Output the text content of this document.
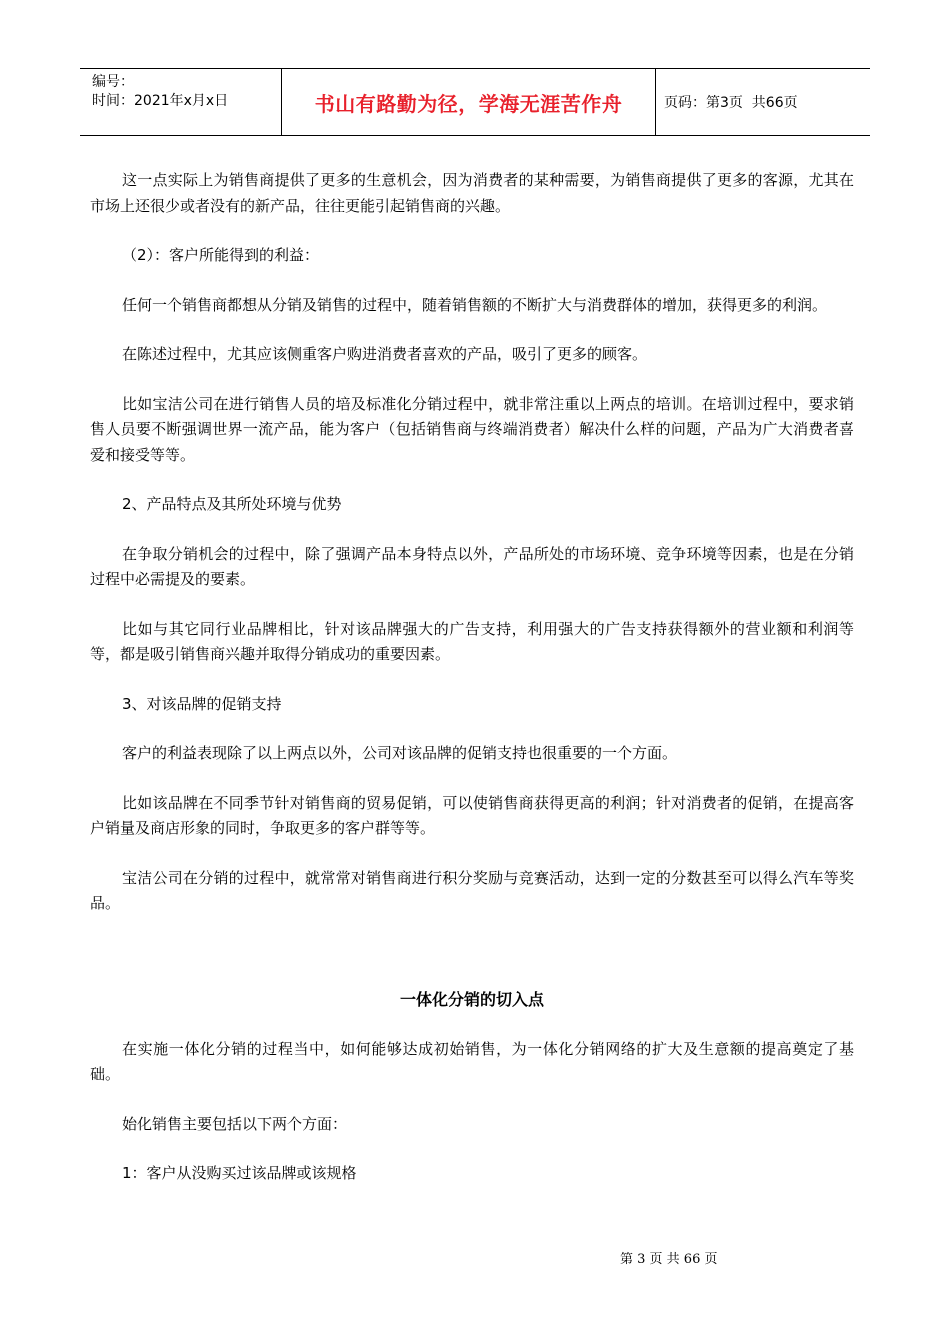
编号：
时间：2021年x月x日	书山有路勤为径，学海无涯苦作舟	页码：第3页  共66页

这一点实际上为销售商提供了更多的生意机会，因为消费者的某种需要，为销售商提供了更多的客源，尤其在市场上还很少或者没有的新产品，往往更能引起销售商的兴趣。

（2）：客户所能得到的利益：

任何一个销售商都想从分销及销售的过程中，随着销售额的不断扩大与消费群体的增加，获得更多的利润。

在陈述过程中，尤其应该侧重客户购进消费者喜欢的产品，吸引了更多的顾客。

比如宝洁公司在进行销售人员的培及标准化分销过程中，就非常注重以上两点的培训。在培训过程中，要求销售人员要不断强调世界一流产品，能为客户（包括销售商与终端消费者）解决什么样的问题，产品为广大消费者喜爱和接受等等。

2、产品特点及其所处环境与优势

在争取分销机会的过程中，除了强调产品本身特点以外，产品所处的市场环境、竞争环境等因素，也是在分销过程中必需提及的要素。

比如与其它同行业品牌相比，针对该品牌强大的广告支持，利用强大的广告支持获得额外的营业额和利润等等，都是吸引销售商兴趣并取得分销成功的重要因素。

3、对该品牌的促销支持

客户的利益表现除了以上两点以外，公司对该品牌的促销支持也很重要的一个方面。

比如该品牌在不同季节针对销售商的贸易促销，可以使销售商获得更高的利润；针对消费者的促销，在提高客户销量及商店形象的同时，争取更多的客户群等等。

宝洁公司在分销的过程中，就常常对销售商进行积分奖励与竞赛活动，达到一定的分数甚至可以得么汽车等奖品。

一体化分销的切入点

在实施一体化分销的过程当中，如何能够达成初始销售，为一体化分销网络的扩大及生意额的提高奠定了基础。

始化销售主要包括以下两个方面：

1：客户从没购买过该品牌或该规格

第 3 页 共 66 页
